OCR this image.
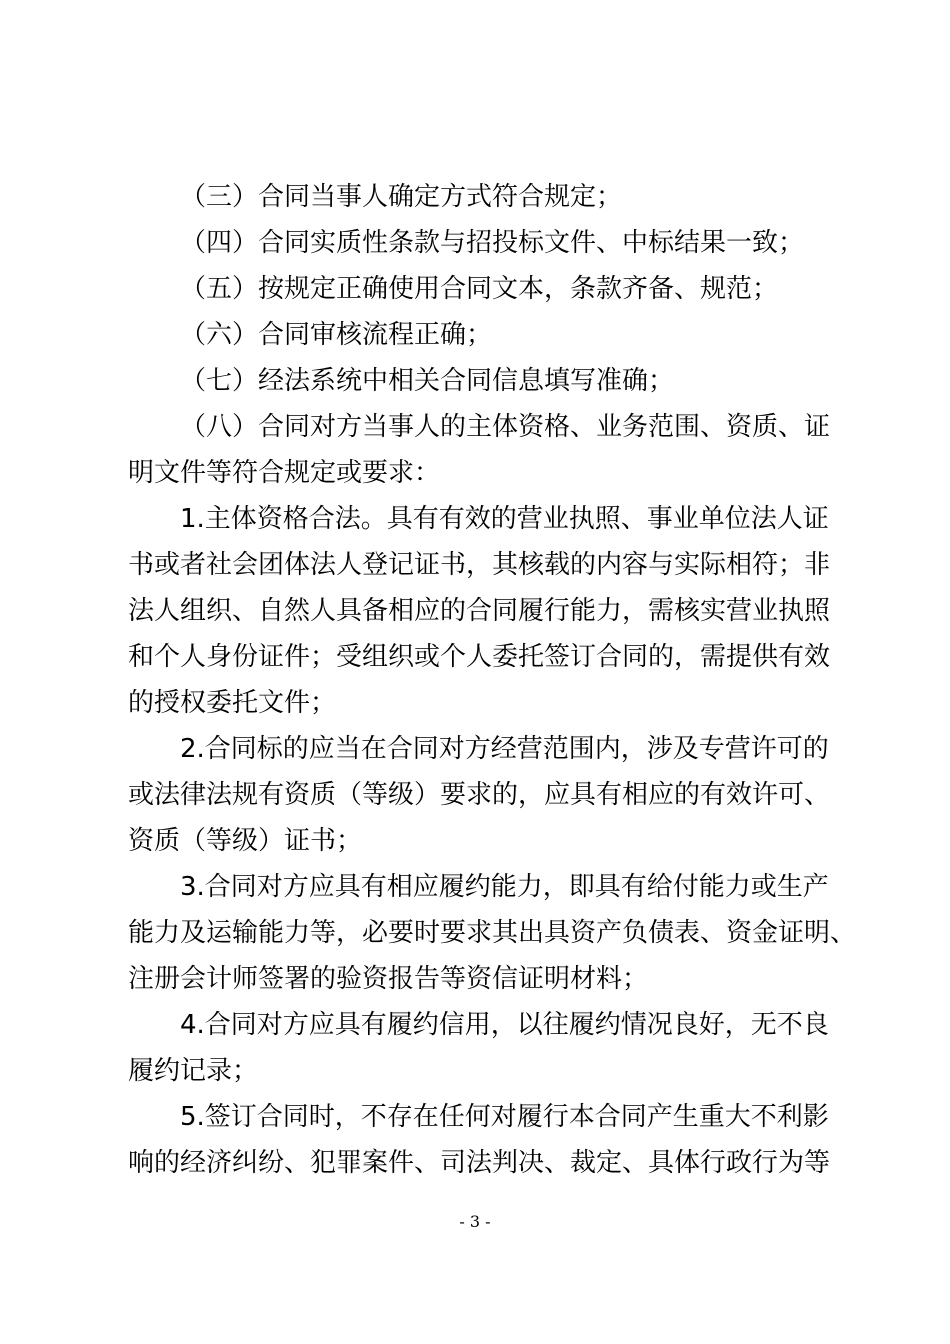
（三）合同当事人确定方式符合规定；
（四）合同实质性条款与招投标文件、中标结果一致；
（五）按规定正确使用合同文本，条款齐备、规范；
（六）合同审核流程正确；
（七）经法系统中相关合同信息填写准确；
（八）合同对方当事人的主体资格、业务范围、资质、证
明文件等符合规定或要求：
1.主体资格合法。具有有效的营业执照、事业单位法人证
书或者社会团体法人登记证书，其核载的内容与实际相符；非
法人组织、自然人具备相应的合同履行能力，需核实营业执照
和个人身份证件；受组织或个人委托签订合同的，需提供有效
的授权委托文件；
2.合同标的应当在合同对方经营范围内，涉及专营许可的
或法律法规有资质（等级）要求的，应具有相应的有效许可、
资质（等级）证书；
3.合同对方应具有相应履约能力，即具有给付能力或生产
能力及运输能力等，必要时要求其出具资产负债表、资金证明、
注册会计师签署的验资报告等资信证明材料；
4.合同对方应具有履约信用，以往履约情况良好，无不良
履约记录；
5.签订合同时，不存在任何对履行本合同产生重大不利影
响的经济纠纷、犯罪案件、司法判决、裁定、具体行政行为等
- 3 -
